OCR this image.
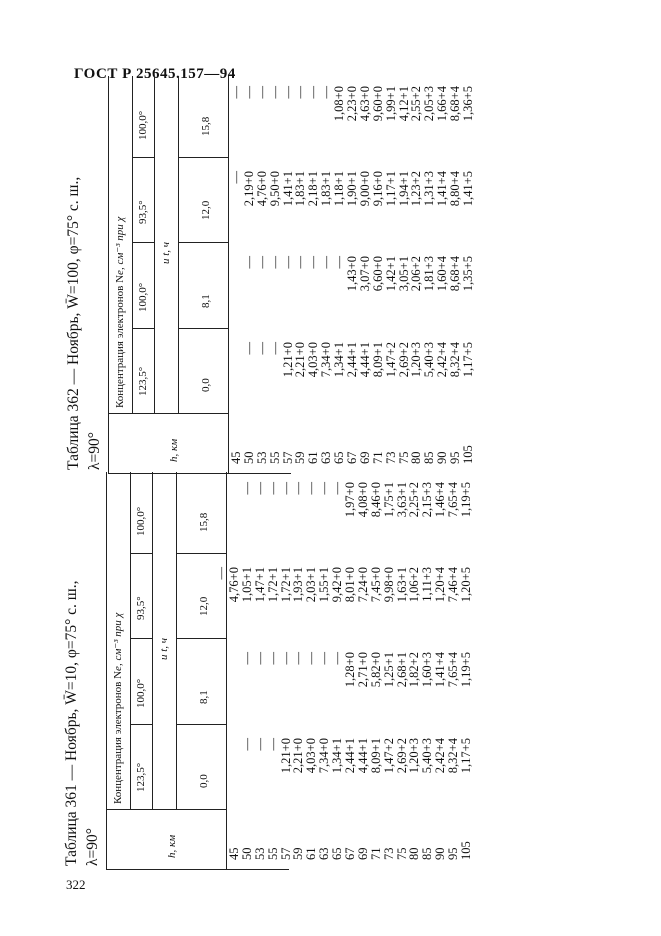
ГОСТ Р 25645.157—94
Таблица 361 — Ноябрь, W̄=10, φ=75° с. ш., λ=90°	h, км
Концентрация электронов Ne, см⁻³ при χ
123,5°
100,0°
93,5°
100,0°
и t, ч
0,0
8,1
12,0
15,8
45
50
53
55
57
59
61
63
65
67
69
71
73
75
80
85
90
95
105
—
—
—
1,21+0
2,21+0
4,03+0
7,34+0
1,34+1
2,44+1
4,44+1
8,09+1
1,47+2
2,69+2
1,20+3
5,40+3
2,42+4
8,32+4
1,17+5
—
—
—
—
—
—
—
—
1,28+0
2,71+0
5,82+0
1,25+1
2,68+1
1,82+2
1,60+3
1,41+4
7,65+4
1,19+5
—
4,76+0
1,05+1
1,47+1
1,72+1
1,72+1
1,93+1
2,03+1
1,55+1
9,42+0
8,01+0
7,24+0
7,45+0
9,98+0
1,63+1
1,06+2
1,11+3
1,20+4
7,46+4
1,20+5
—
—
—
—
—
—
—
—
1,97+0
4,08+0
8,46+0
1,75+1
3,63+1
2,25+2
2,15+3
1,46+4
7,65+4
1,19+5
Таблица 362 — Ноябрь, W̄=100, φ=75° с. ш., λ=90°	h, км
Концентрация электронов Ne, см⁻³ при χ
123,5°
100,0°
93,5°
100,0°
и t, ч
0,0
8,1
12,0
15,8
45
50
53
55
57
59
61
63
65
67
69
71
73
75
80
85
90
95
105
—
—
—
1,21+0
2,21+0
4,03+0
7,34+0
1,34+1
2,44+1
4,44+1
8,09+1
1,47+2
2,69+2
1,20+3
5,40+3
2,42+4
8,32+4
1,17+5
—
—
—
—
—
—
—
—
1,43+0
3,07+0
6,60+0
1,42+1
3,05+1
2,06+2
1,81+3
1,60+4
8,68+4
1,35+5
—
2,19+0
4,76+0
9,50+0
1,41+1
1,83+1
2,18+1
1,83+1
1,18+1
1,90+1
9,00+0
9,16+0
1,17+1
1,94+1
1,23+2
1,31+3
1,41+4
8,80+4
1,41+5
—
—
—
—
—
—
—
—
1,08+0
2,23+0
4,63+0
9,60+0
1,99+1
4,12+1
2,55+2
2,05+3
1,66+4
8,68+4
1,36+5
322
